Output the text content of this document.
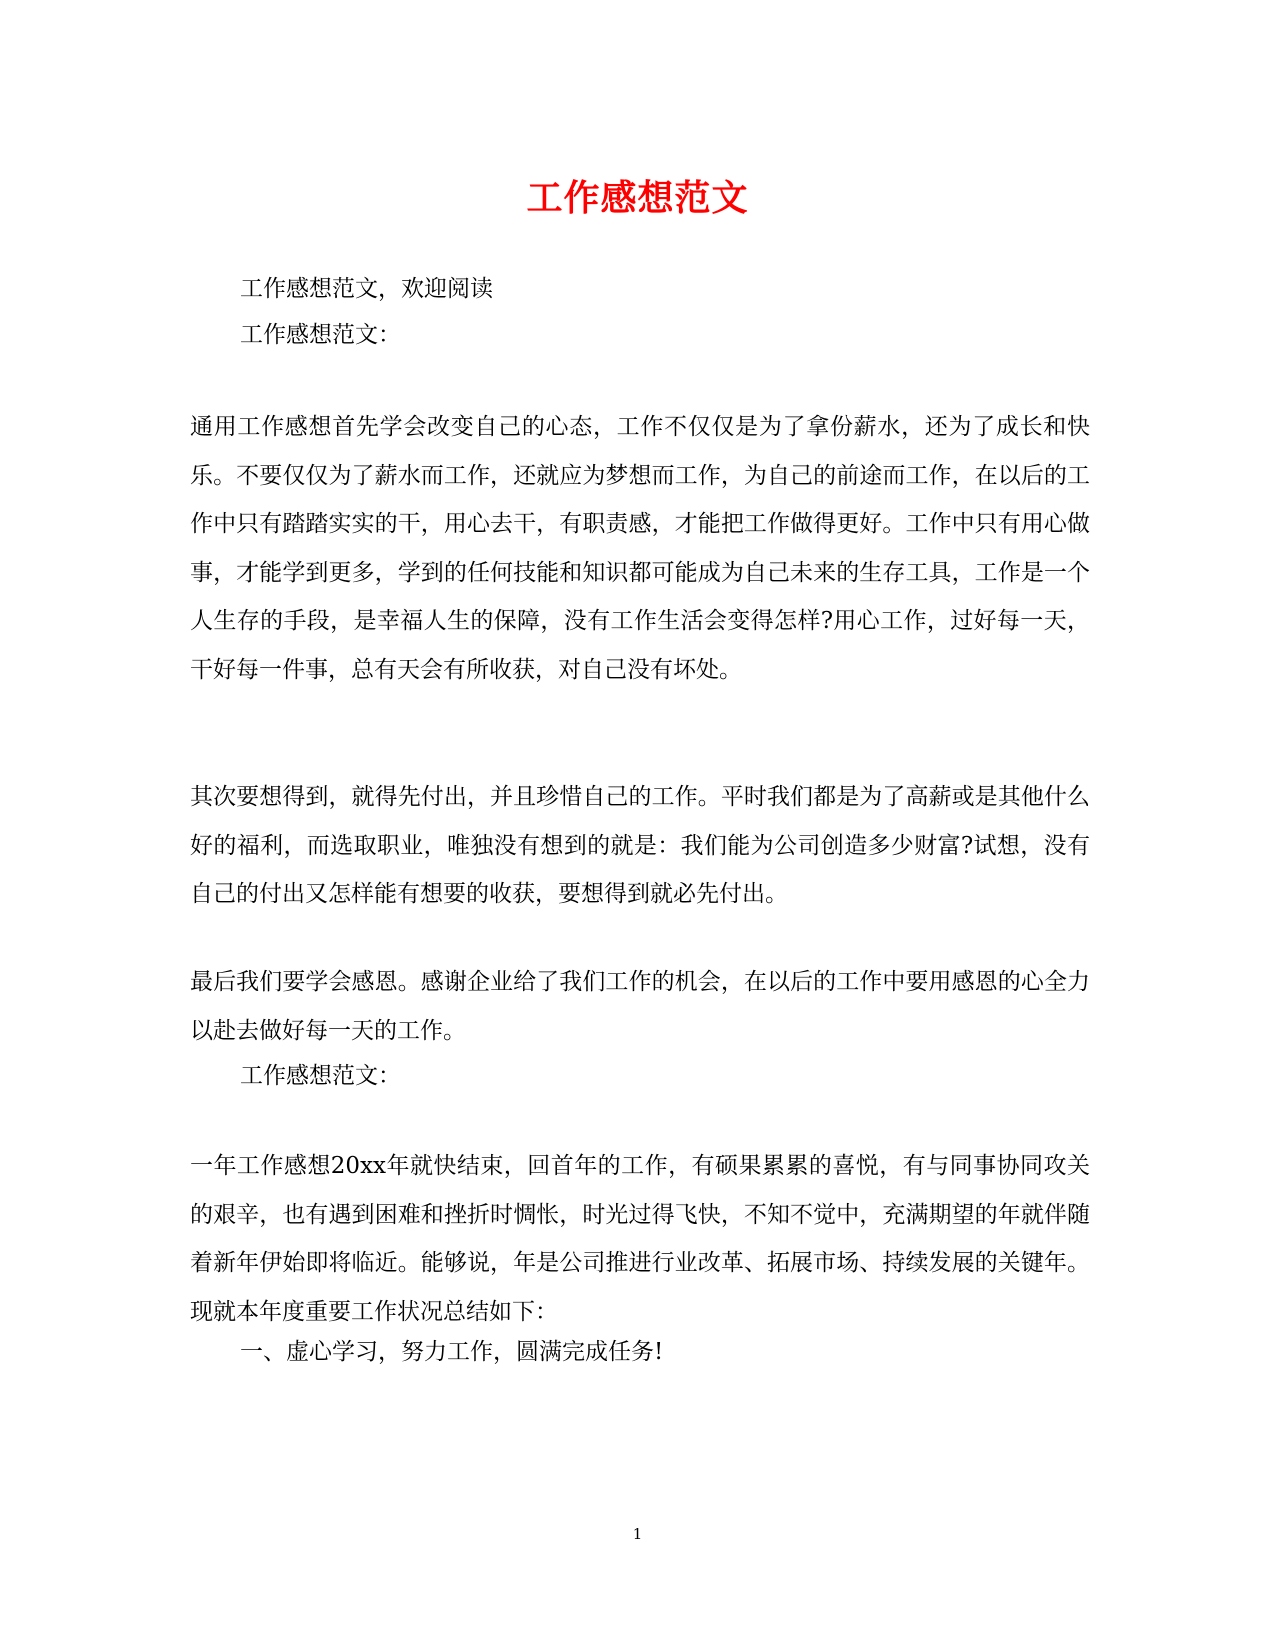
工作感想范文
工作感想范文，欢迎阅读
工作感想范文：
通用工作感想首先学会改变自己的心态，工作不仅仅是为了拿份薪水，还为了成长和快乐。不要仅仅为了薪水而工作，还就应为梦想而工作，为自己的前途而工作，在以后的工作中只有踏踏实实的干，用心去干，有职责感，才能把工作做得更好。工作中只有用心做事，才能学到更多，学到的任何技能和知识都可能成为自己未来的生存工具，工作是一个人生存的手段，是幸福人生的保障，没有工作生活会变得怎样?用心工作，过好每一天，干好每一件事，总有天会有所收获，对自己没有坏处。
其次要想得到，就得先付出，并且珍惜自己的工作。平时我们都是为了高薪或是其他什么好的福利，而选取职业，唯独没有想到的就是：我们能为公司创造多少财富?试想，没有自己的付出又怎样能有想要的收获，要想得到就必先付出。
最后我们要学会感恩。感谢企业给了我们工作的机会，在以后的工作中要用感恩的心全力以赴去做好每一天的工作。
工作感想范文：
一年工作感想20xx年就快结束，回首年的工作，有硕果累累的喜悦，有与同事协同攻关的艰辛，也有遇到困难和挫折时惆怅，时光过得飞快，不知不觉中，充满期望的年就伴随着新年伊始即将临近。能够说，年是公司推进行业改革、拓展市场、持续发展的关键年。现就本年度重要工作状况总结如下：
一、虚心学习，努力工作，圆满完成任务!
1
